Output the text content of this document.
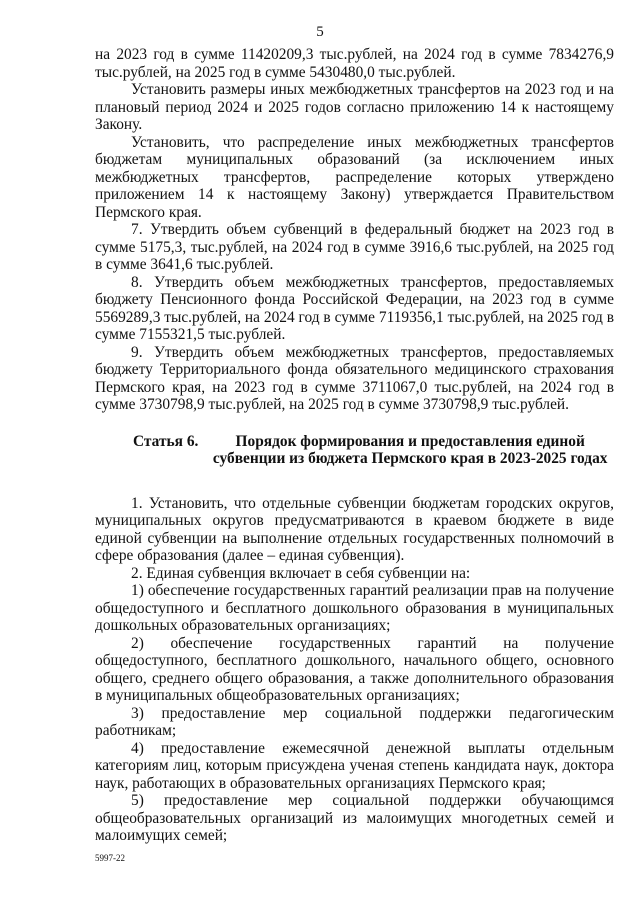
5

на 2023 год в сумме 11420209,3 тыс.рублей, на 2024 год в сумме 7834276,9 тыс.рублей, на 2025 год в сумме 5430480,0 тыс.рублей.

Установить размеры иных межбюджетных трансфертов на 2023 год и на плановый период 2024 и 2025 годов согласно приложению 14 к настоящему Закону.

Установить, что распределение иных межбюджетных трансфертов бюджетам муниципальных образований (за исключением иных межбюджетных трансфертов, распределение которых утверждено приложением 14 к настоящему Закону) утверждается Правительством Пермского края.

7. Утвердить объем субвенций в федеральный бюджет на 2023 год в сумме 5175,3, тыс.рублей, на 2024 год в сумме 3916,6 тыс.рублей, на 2025 год в сумме 3641,6 тыс.рублей.

8. Утвердить объем межбюджетных трансфертов, предоставляемых бюджету Пенсионного фонда Российской Федерации, на 2023 год в сумме 5569289,3 тыс.рублей, на 2024 год в сумме 7119356,1 тыс.рублей, на 2025 год в сумме 7155321,5 тыс.рублей.

9. Утвердить объем межбюджетных трансфертов, предоставляемых бюджету Территориального фонда обязательного медицинского страхования Пермского края, на 2023 год в сумме 3711067,0 тыс.рублей, на 2024 год в сумме 3730798,9 тыс.рублей, на 2025 год в сумме 3730798,9 тыс.рублей.

Статья 6.	Порядок формирования и предоставления единой субвенции из бюджета Пермского края в 2023-2025 годах

1. Установить, что отдельные субвенции бюджетам городских округов, муниципальных округов предусматриваются в краевом бюджете в виде единой субвенции на выполнение отдельных государственных полномочий в сфере образования (далее – единая субвенция).

2. Единая субвенция включает в себя субвенции на:

1) обеспечение государственных гарантий реализации прав на получение общедоступного и бесплатного дошкольного образования в муниципальных дошкольных образовательных организациях;

2) обеспечение государственных гарантий на получение общедоступного, бесплатного дошкольного, начального общего, основного общего, среднего общего образования, а также дополнительного образования в муниципальных общеобразовательных организациях;

3) предоставление мер социальной поддержки педагогическим работникам;

4) предоставление ежемесячной денежной выплаты отдельным категориям лиц, которым присуждена ученая степень кандидата наук, доктора наук, работающих в образовательных организациях Пермского края;

5) предоставление мер социальной поддержки обучающимся общеобразовательных организаций из малоимущих многодетных семей и малоимущих семей;

5997-22
